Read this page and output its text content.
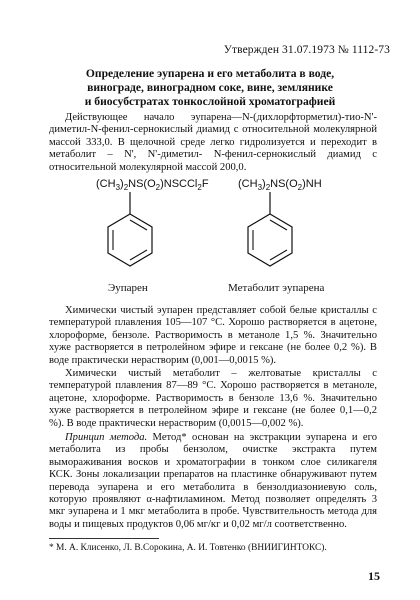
Утвержден 31.07.1973 № 1112-73
Определение эупарена и его метаболита в воде,
винограде, виноградном соке, вине, землянике
и биосубстратах тонкослойной хроматографией

Действующее начало эупарена—N-(дихлорфторметил)-тио-N'-диметил-N-фенил-сернокислый диамид с относительной молекулярной массой 333,0. В щелочной среде легко гидролизуется и переходит в метаболит – N', N'-диметил- N-фенил-сернокислый диамид с относительной молекулярной массой 200,0.

$(CH_3)_2NS(O_2)NSCCl_2F$	$(CH_3)_2NS(O_2)NH$
Эупарен	Метаболит эупарена

Химически чистый эупарен представляет собой белые кристаллы с температурой плавления 105—107 °С. Хорошо растворяется в ацетоне, хлороформе, бензоле. Растворимость в метаноле 1,5 %. Значительно хуже растворяется в петролейном эфире и гексане (не более 0,2 %). В воде практически нерастворим (0,001—0,0015 %).

Химически чистый метаболит – желтоватые кристаллы с температурой плавления 87—89 °С. Хорошо растворяется в метаноле, ацетоне, хлороформе. Растворимость в бензоле 13,6 %. Значительно хуже растворяется в петролейном эфире и гексане (не более 0,1—0,2 %). В воде практически нерастворим (0,0015—0,002 %).

Принцип метода. Метод* основан на экстракции эупарена и его метаболита из пробы бензолом, очистке экстракта путем вымораживания восков и хроматографии в тонком слое силикагеля КСК. Зоны локализации препаратов на пластинке обнаруживают путем перевода эупарена и его метаболита в бензолдиазониевую соль, которую проявляют α-нафтиламином. Метод позволяет определять 3 мкг эупарена и 1 мкг метаболита в пробе. Чувствительность метода для воды и пищевых продуктов 0,06 мг/кг и 0,02 мг/л соответственно.

* М. А. Клисенко, Л. В.Сорокина, А. И. Товтенко (ВНИИГИНТОКС).
15
